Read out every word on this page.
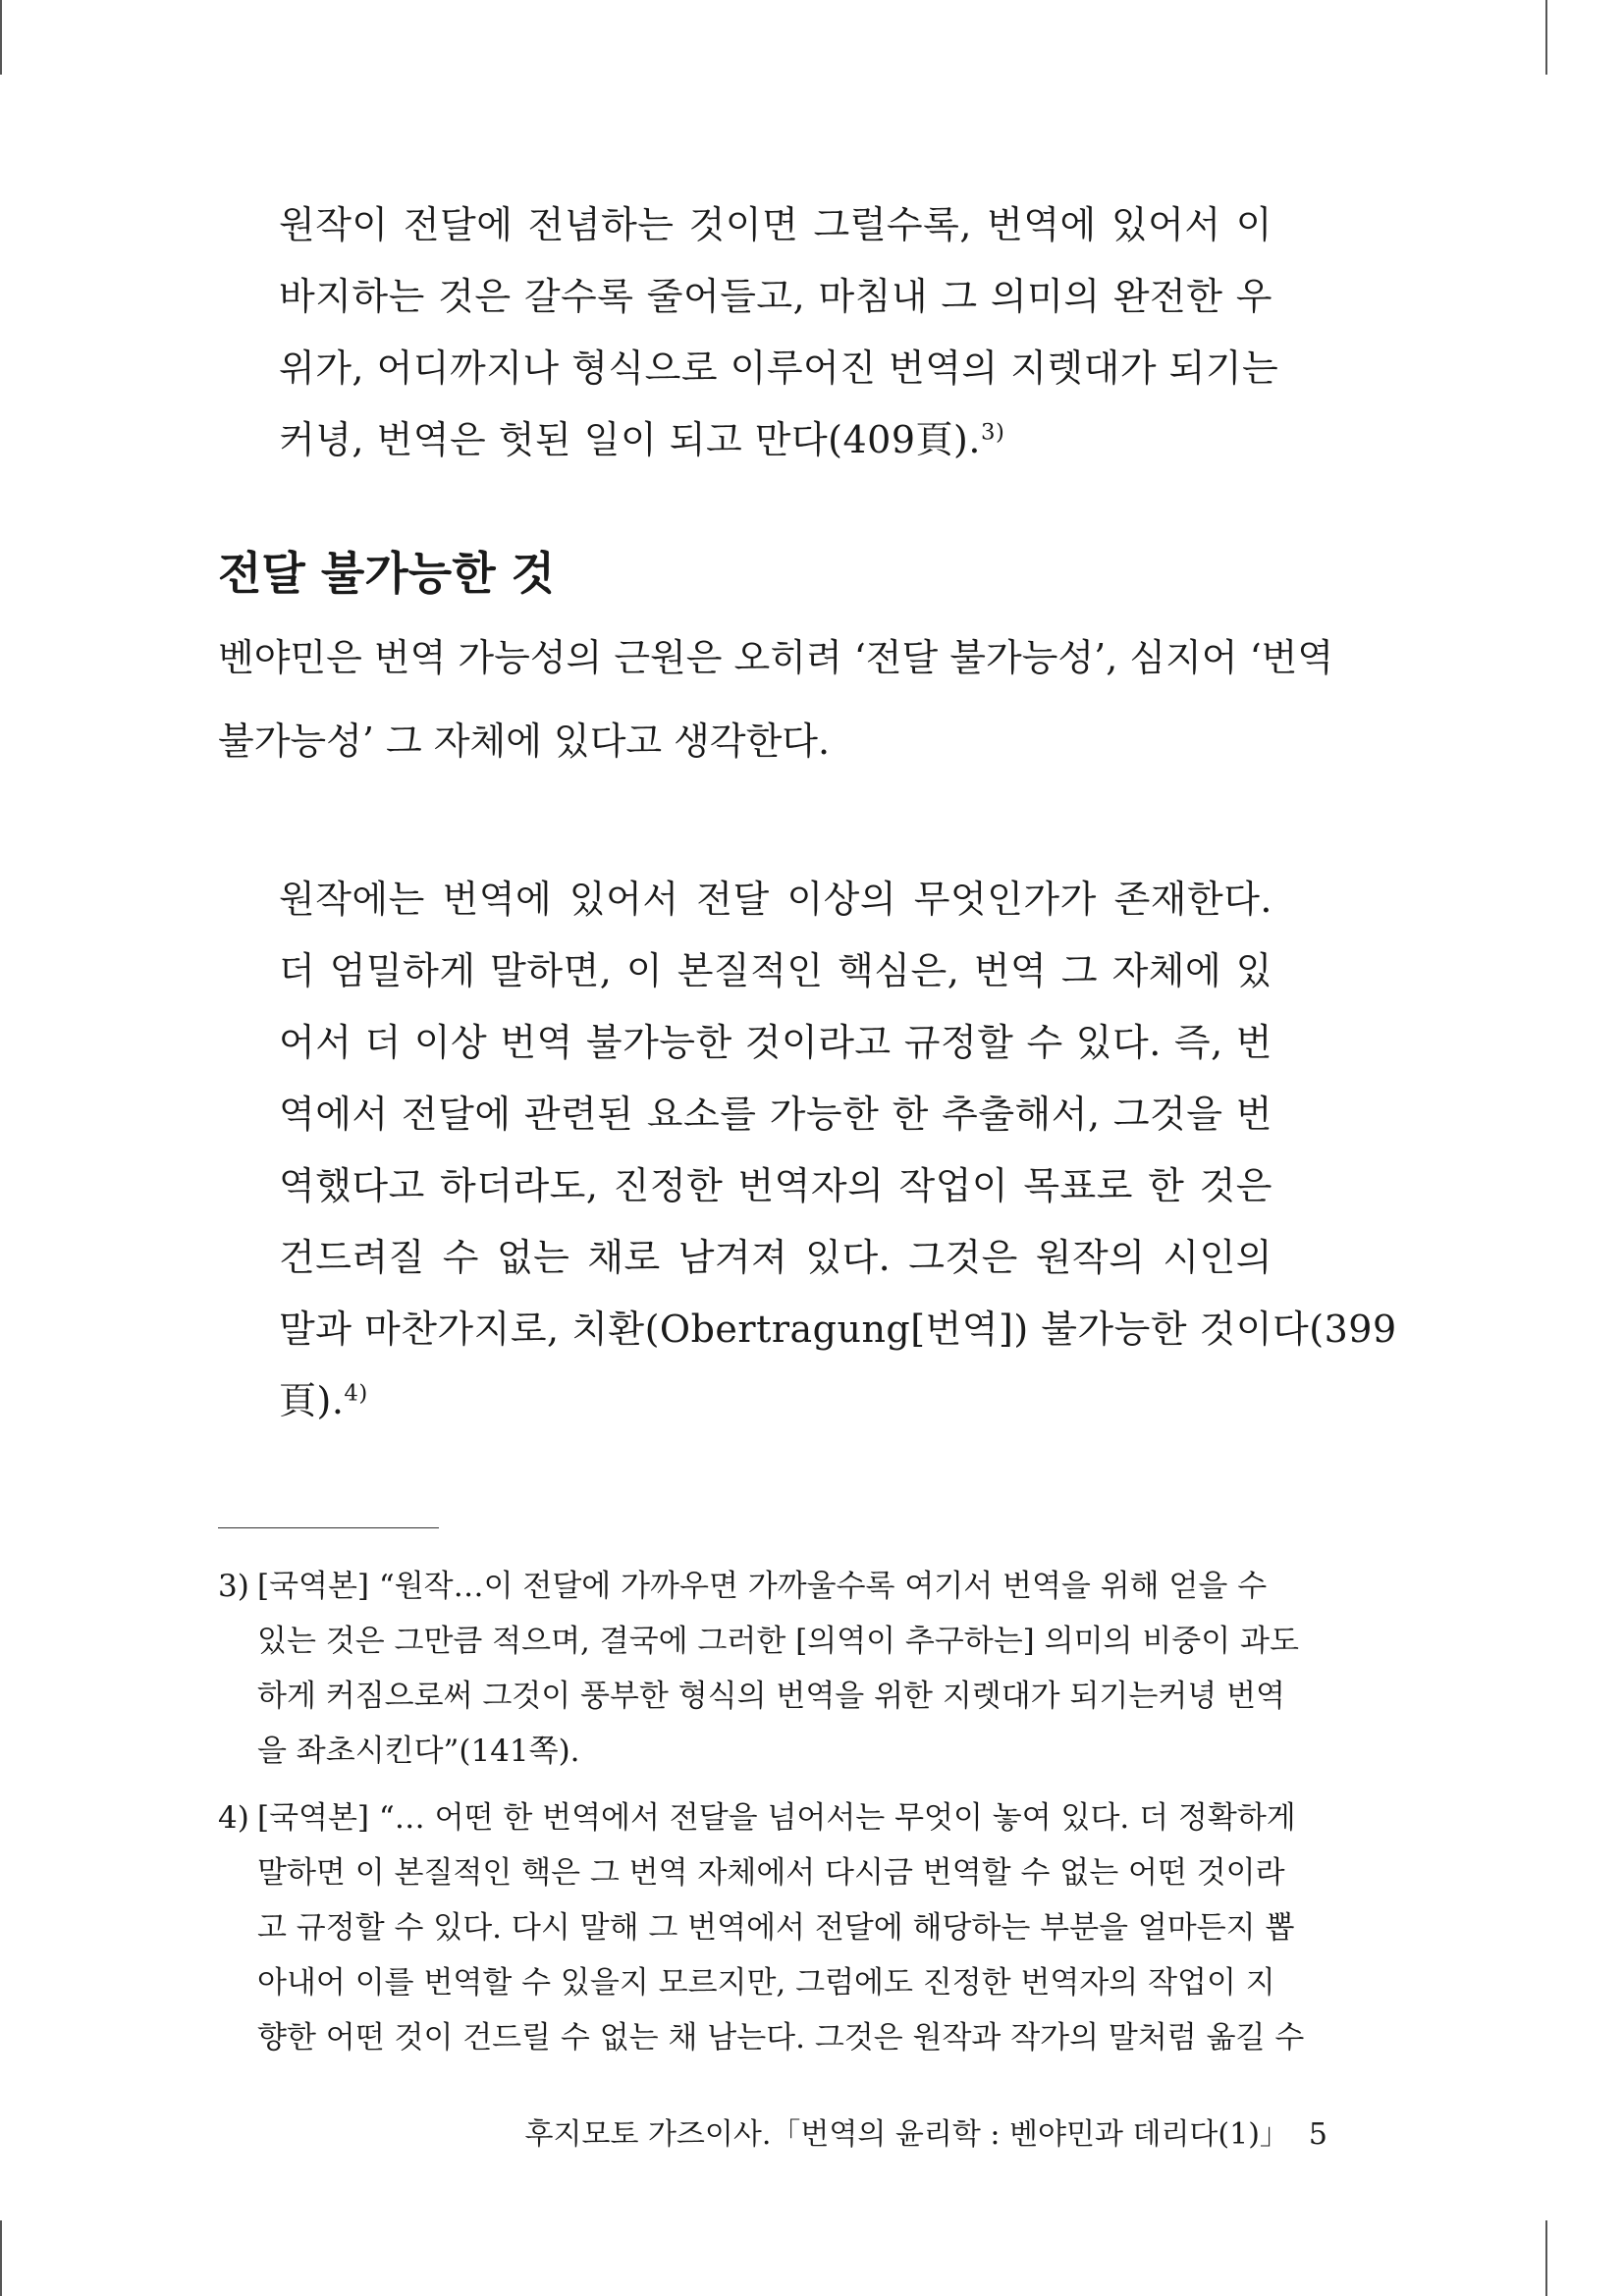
원작이 전달에 전념하는 것이면 그럴수록, 번역에 있어서 이
바지하는 것은 갈수록 줄어들고, 마침내 그 의미의 완전한 우
위가, 어디까지나 형식으로 이루어진 번역의 지렛대가 되기는
커녕, 번역은 헛된 일이 되고 만다(409頁).$^{3)}$
전달 불가능한 것
벤야민은 번역 가능성의 근원은 오히려 ‘전달 불가능성’, 심지어 ‘번역
불가능성’ 그 자체에 있다고 생각한다.
원작에는 번역에 있어서 전달 이상의 무엇인가가 존재한다.
더 엄밀하게 말하면, 이 본질적인 핵심은, 번역 그 자체에 있
어서 더 이상 번역 불가능한 것이라고 규정할 수 있다. 즉, 번
역에서 전달에 관련된 요소를 가능한 한 추출해서, 그것을 번
역했다고 하더라도, 진정한 번역자의 작업이 목표로 한 것은
건드려질 수 없는 채로 남겨져 있다. 그것은 원작의 시인의
말과 마찬가지로, 치환(Obertragung[번역]) 불가능한 것이다(399
頁).$^{4)}$
3) [국역본] “원작…이 전달에 가까우면 가까울수록 여기서 번역을 위해 얻을 수
있는 것은 그만큼 적으며, 결국에 그러한 [의역이 추구하는] 의미의 비중이 과도
하게 커짐으로써 그것이 풍부한 형식의 번역을 위한 지렛대가 되기는커녕 번역
을 좌초시킨다”(141쪽).
4) [국역본] “… 어떤 한 번역에서 전달을 넘어서는 무엇이 놓여 있다. 더 정확하게
말하면 이 본질적인 핵은 그 번역 자체에서 다시금 번역할 수 없는 어떤 것이라
고 규정할 수 있다. 다시 말해 그 번역에서 전달에 해당하는 부분을 얼마든지 뽑
아내어 이를 번역할 수 있을지 모르지만, 그럼에도 진정한 번역자의 작업이 지
향한 어떤 것이 건드릴 수 없는 채 남는다. 그것은 원작과 작가의 말처럼 옮길 수
후지모토 가즈이사.「번역의 윤리학 : 벤야민과 데리다(1)」 5
